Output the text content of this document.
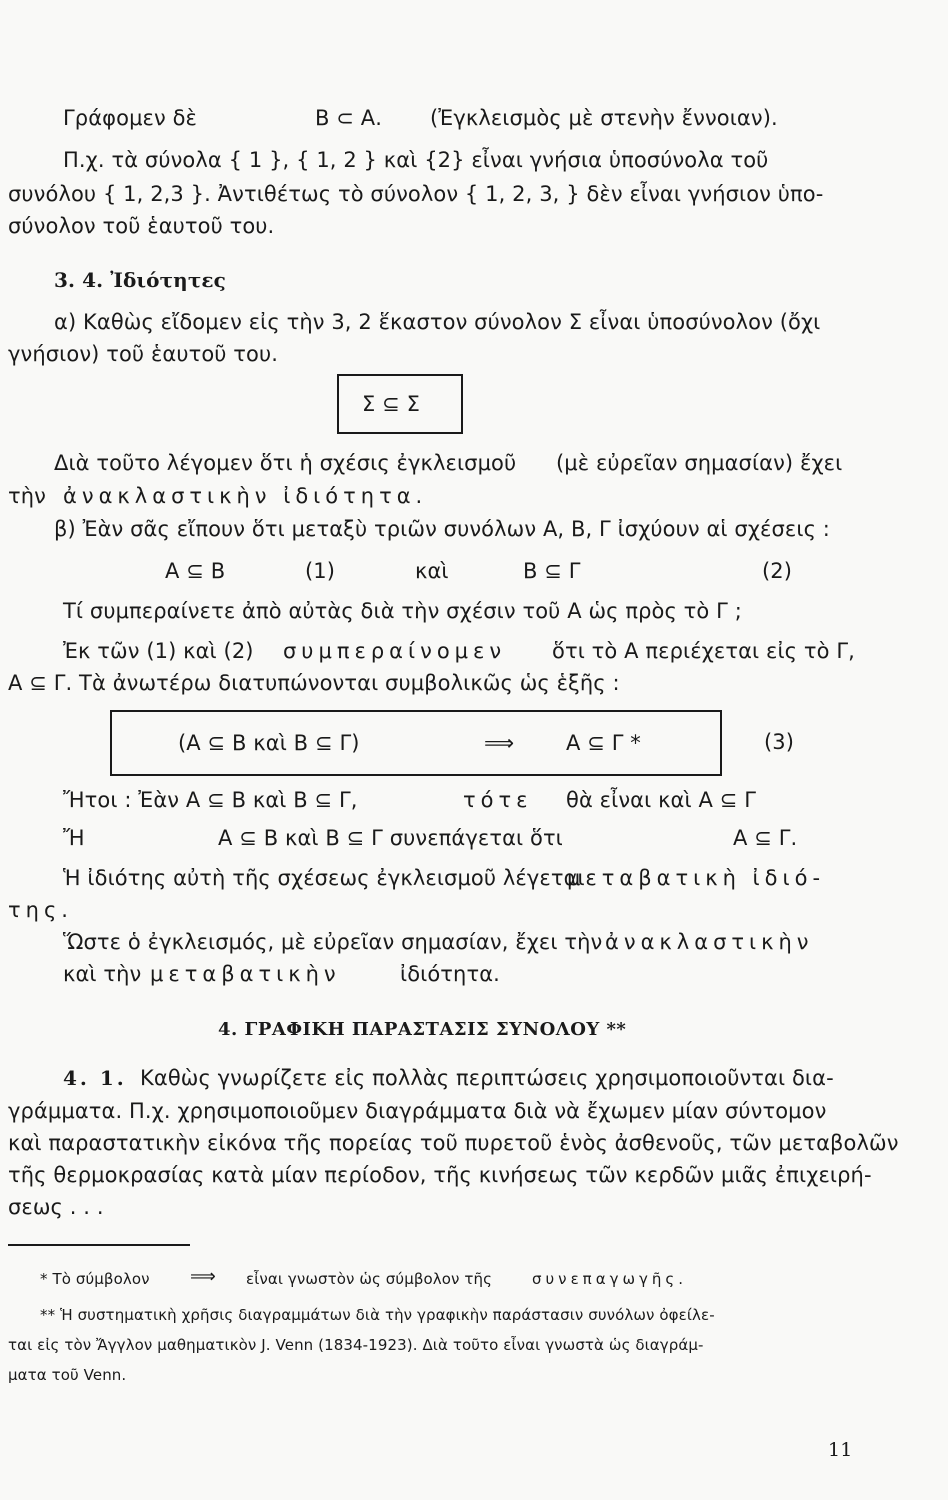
Γράφομεν δὲ	Β ⊂ Α. (Ἐγκλεισμὸς μὲ στενὴν ἔννοιαν).
Π.χ. τὰ σύνολα { 1 }, { 1, 2 } καὶ {2} εἶναι γνήσια ὑποσύνολα τοῦ
συνόλου { 1, 2,3 }. Ἀντιθέτως τὸ σύνολον { 1, 2, 3, } δὲν εἶναι γνήσιον ὑπο-
σύνολον τοῦ ἑαυτοῦ του.
3. 4. Ἰδιότητες
α) Καθὼς εἴδομεν εἰς τὴν 3, 2 ἕκαστον σύνολον Σ εἶναι ὑποσύνολον (ὄχι
γνήσιον) τοῦ ἑαυτοῦ του.
Σ ⊆ Σ
Διὰ τοῦτο λέγομεν ὅτι ἡ σχέσις ἐγκλεισμοῦ (μὲ εὐρεῖαν σημασίαν) ἔχει
τὴν ἀνακλαστικὴν ἰδιότητα.
β) Ἐὰν σᾶς εἴπουν ὅτι μεταξὺ τριῶν συνόλων Α, Β, Γ ἰσχύουν αἱ σχέσεις :
Α ⊆ Β	(1)	καὶ	Β ⊆ Γ	(2)
Τί συμπεραίνετε ἀπὸ αὐτὰς διὰ τὴν σχέσιν τοῦ Α ὡς πρὸς τὸ Γ ;
Ἐκ τῶν (1) καὶ (2) συμπεραίνομεν ὅτι τὸ Α περιέχεται εἰς τὸ Γ,
Α ⊆ Γ. Τὰ ἀνωτέρω διατυπώνονται συμβολικῶς ὡς ἑξῆς :
(Α ⊆ Β καὶ Β ⊆ Γ)	⟹ Α ⊆ Γ *	(3)
Ἤτοι : Ἐὰν Α ⊆ Β καὶ Β ⊆ Γ,	τότε θὰ εἶναι καὶ Α ⊆ Γ
Ἤ	Α ⊆ Β καὶ Β ⊆ Γ συνεπάγεται ὅτι	Α ⊆ Γ.
Ἡ ἰδιότης αὐτὴ τῆς σχέσεως ἐγκλεισμοῦ λέγεται
μεταβατικὴ ἰδιό-
της.
Ὥστε ὁ ἐγκλεισμός, μὲ εὐρεῖαν σημασίαν, ἔχει τὴν ἀνακλαστικὴν
καὶ τὴν μεταβατικὴν	ἰδιότητα.
4. ΓΡΑΦΙΚΗ ΠΑΡΑΣΤΑΣΙΣ ΣΥΝΟΛΟΥ **
4. 1. Καθὼς γνωρίζετε εἰς πολλὰς περιπτώσεις χρησιμοποιοῦνται δια-
γράμματα. Π.χ. χρησιμοποιοῦμεν διαγράμματα διὰ νὰ ἔχωμεν μίαν σύντομον
καὶ παραστατικὴν εἰκόνα τῆς πορείας τοῦ πυρετοῦ ἑνὸς ἀσθενοῦς, τῶν μεταβολῶν
τῆς θερμοκρασίας κατὰ μίαν περίοδον, τῆς κινήσεως τῶν κερδῶν μιᾶς ἐπιχειρή-
σεως . . .
* Τὸ σύμβολον ⟹ εἶναι γνωστὸν ὡς σύμβολον τῆς	συνεπαγωγῆς.
** Ἡ συστηματικὴ χρῆσις διαγραμμάτων διὰ τὴν γραφικὴν παράστασιν συνόλων ὀφείλε-
ται εἰς τὸν Ἄγγλον μαθηματικὸν J. Venn (1834-1923). Διὰ τοῦτο εἶναι γνωστὰ ὡς διαγράμ-
ματα τοῦ Venn.
11
